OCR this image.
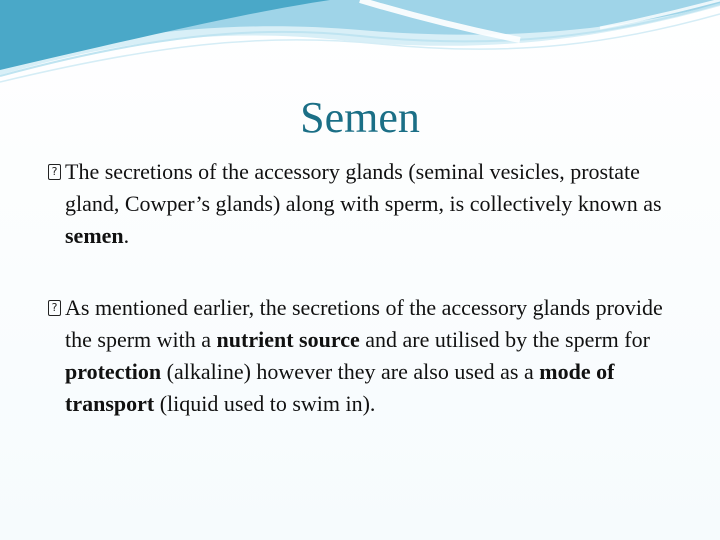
Semen
? The secretions of the accessory glands (seminal vesicles, prostate gland, Cowper’s glands) along with sperm, is collectively known as semen.
? As mentioned earlier, the secretions of the accessory glands provide the sperm with a nutrient source and are utilised by the sperm for protection (alkaline) however they are also used as a mode of transport (liquid used to swim in).
